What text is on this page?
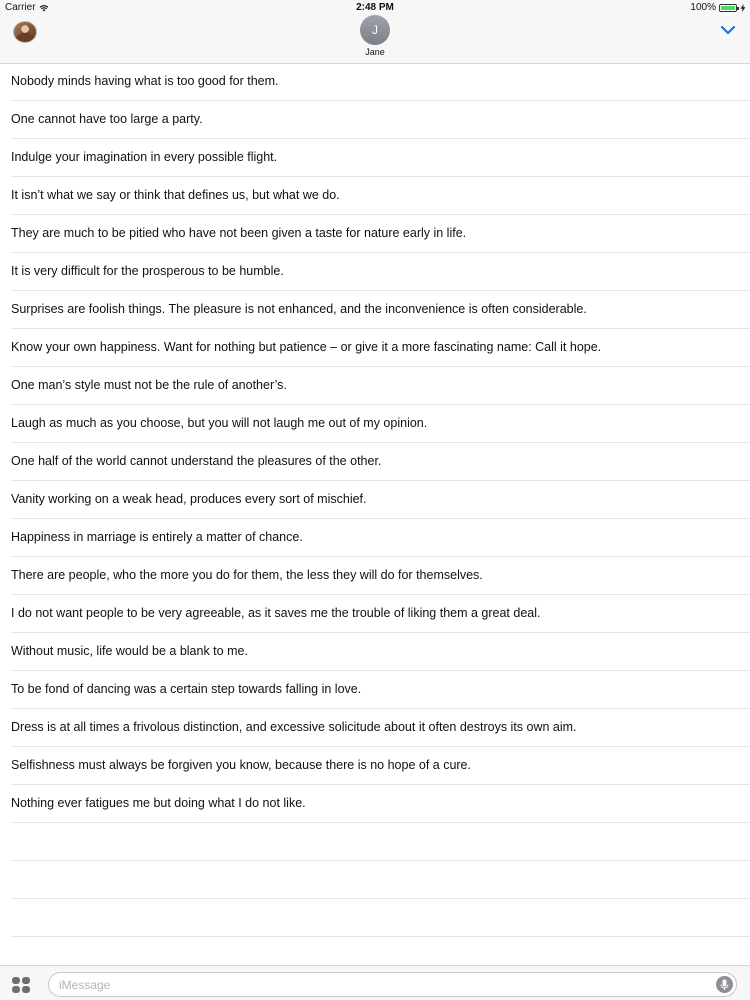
Carrier	2:48 PM	100%
J
Jane
Nobody minds having what is too good for them.
One cannot have too large a party.
Indulge your imagination in every possible flight.
It isn’t what we say or think that defines us, but what we do.
They are much to be pitied who have not been given a taste for nature early in life.
It is very difficult for the prosperous to be humble.
Surprises are foolish things. The pleasure is not enhanced, and the inconvenience is often considerable.
Know your own happiness. Want for nothing but patience – or give it a more fascinating name: Call it hope.
One man’s style must not be the rule of another’s.
Laugh as much as you choose, but you will not laugh me out of my opinion.
One half of the world cannot understand the pleasures of the other.
Vanity working on a weak head, produces every sort of mischief.
Happiness in marriage is entirely a matter of chance.
There are people, who the more you do for them, the less they will do for themselves.
I do not want people to be very agreeable, as it saves me the trouble of liking them a great deal.
Without music, life would be a blank to me.
To be fond of dancing was a certain step towards falling in love.
Dress is at all times a frivolous distinction, and excessive solicitude about it often destroys its own aim.
Selfishness must always be forgiven you know, because there is no hope of a cure.
Nothing ever fatigues me but doing what I do not like.
iMessage
